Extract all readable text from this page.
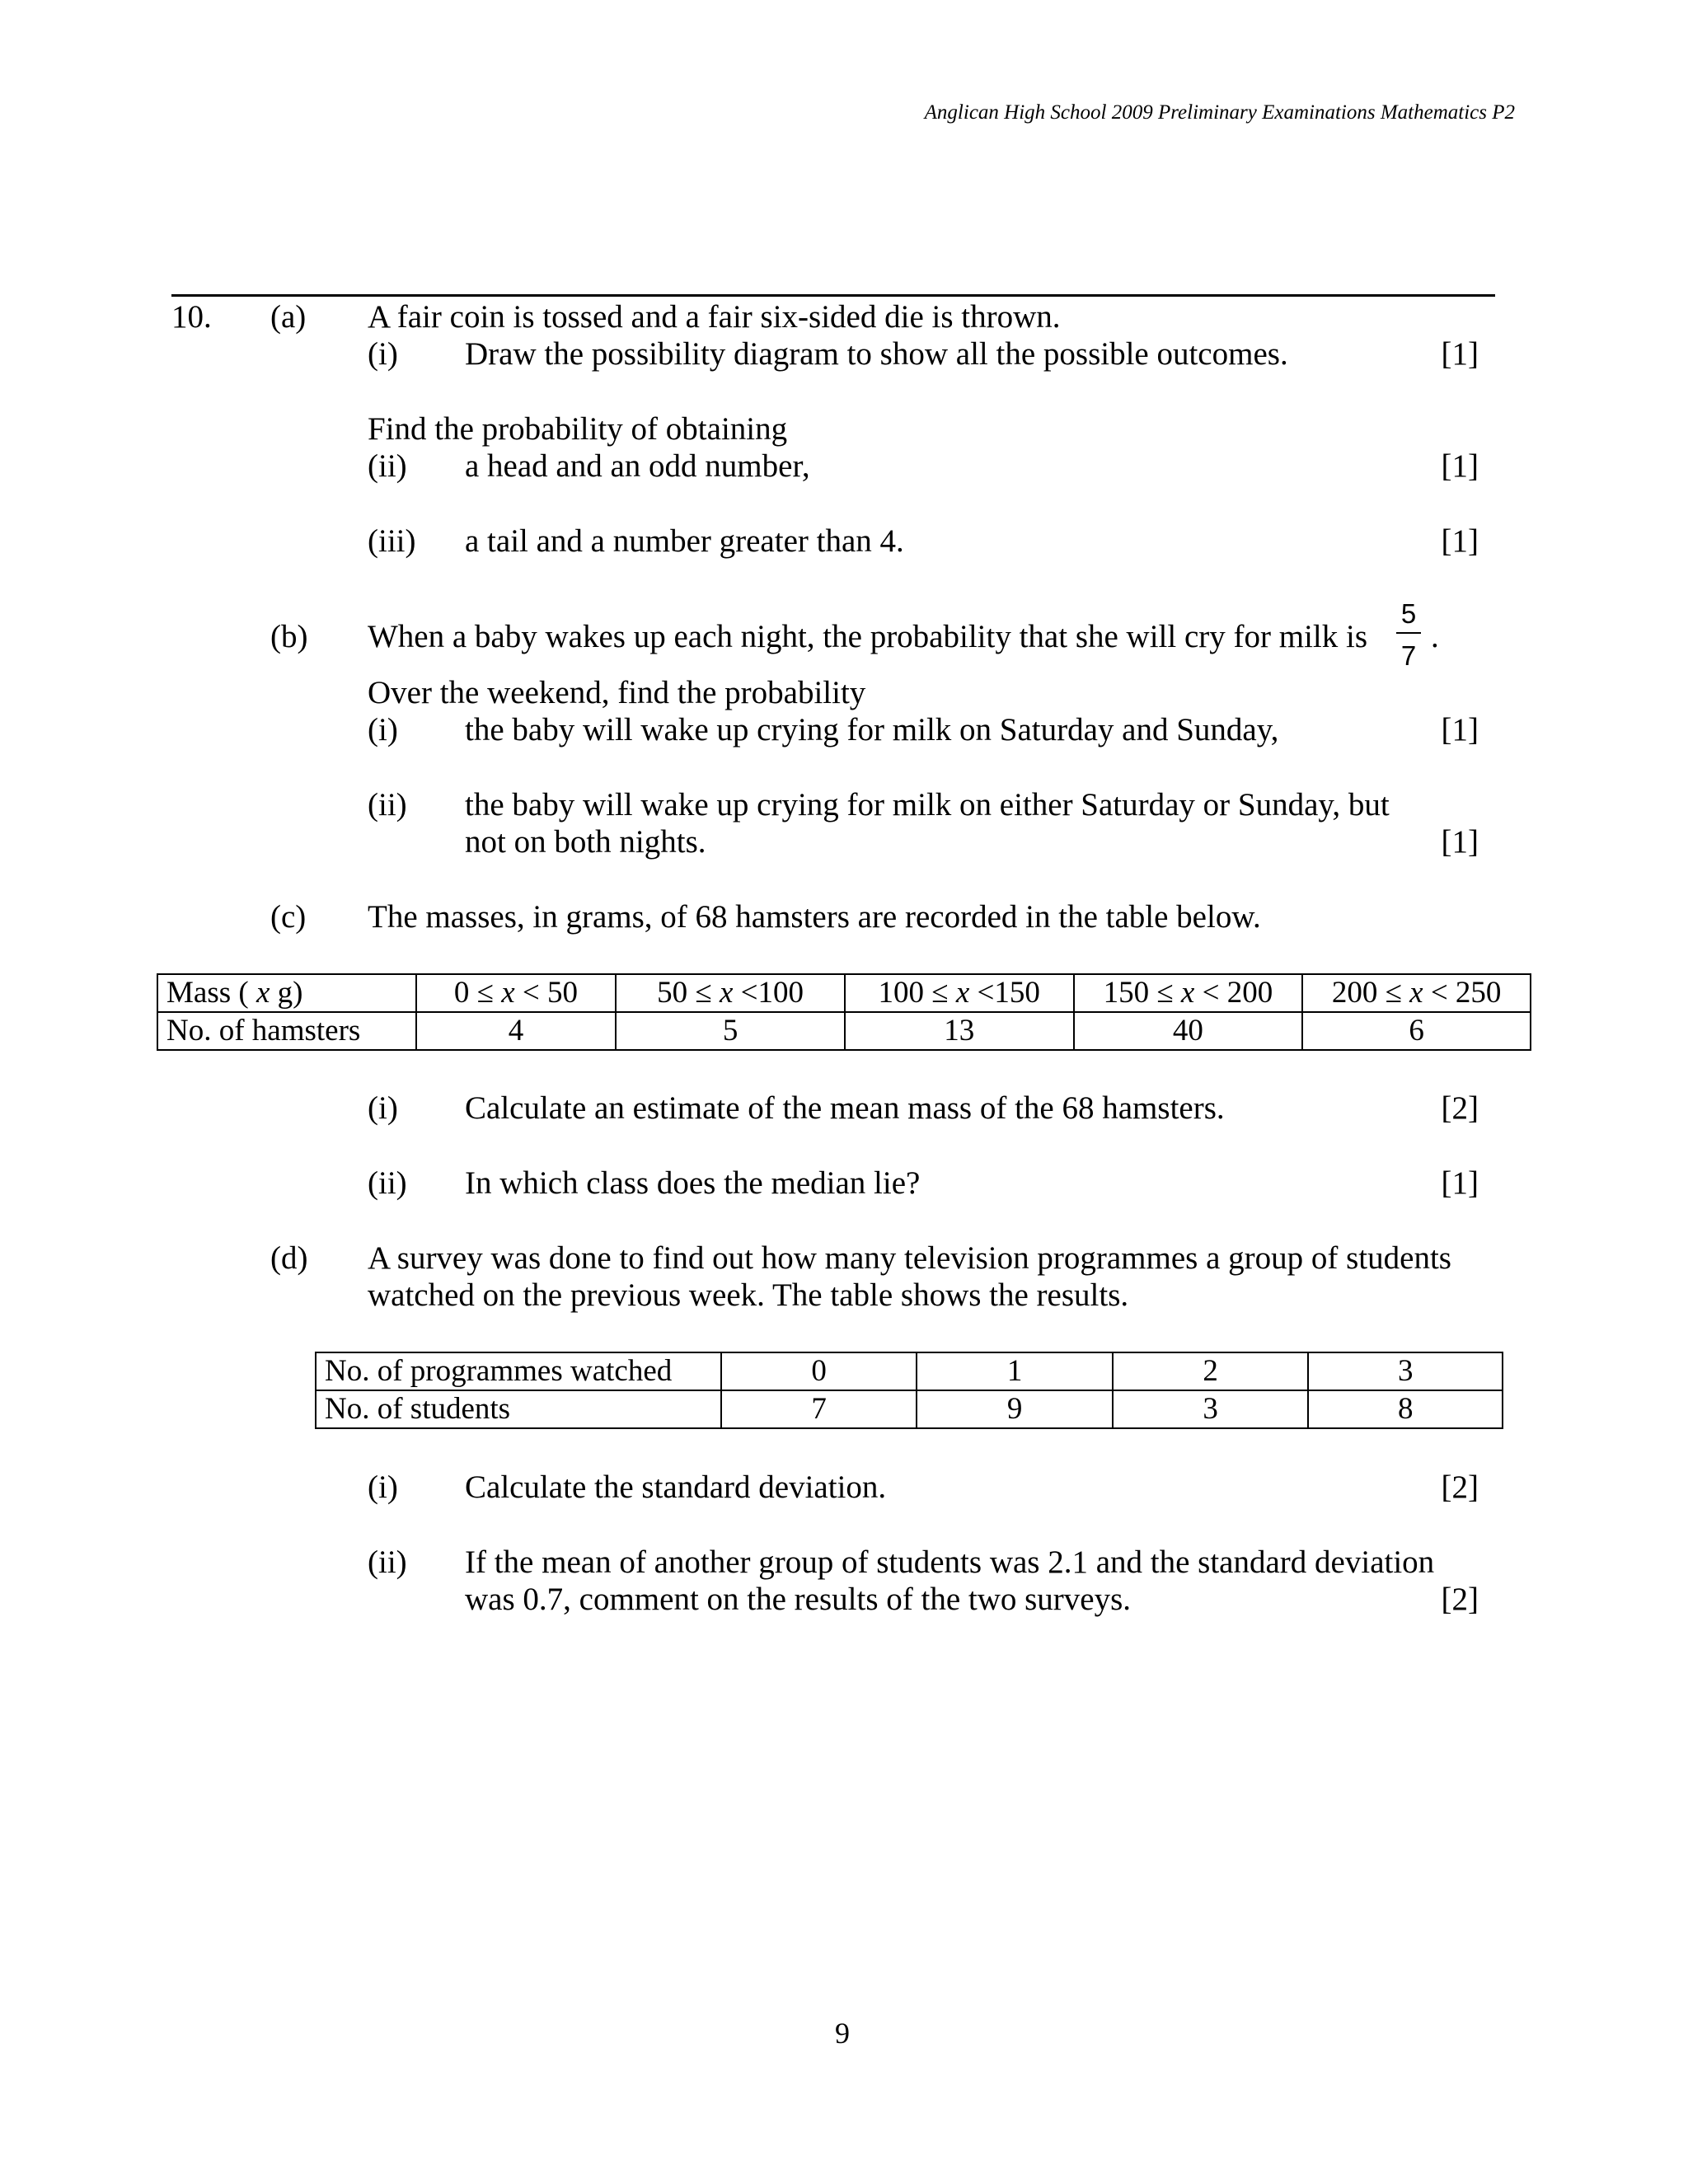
Anglican High School 2009 Preliminary Examinations Mathematics P2
10. (a) A fair coin is tossed and a fair six-sided die is thrown.
(i) Draw the possibility diagram to show all the possible outcomes.	[1]
Find the probability of obtaining
(ii) a head and an odd number,	[1]
(iii) a tail and a number greater than 4.	[1]
(b) When a baby wakes up each night, the probability that she will cry for milk is
5
7
.
Over the weekend, find the probability
(i) the baby will wake up crying for milk on Saturday and Sunday,	[1]
(ii) the baby will wake up crying for milk on either Saturday or Sunday, but
not on both nights.	[1]
(c) The masses, in grams, of 68 hamsters are recorded in the table below.
Mass ( x g)	0 ≤ x < 50	50 ≤ x <100	100 ≤ x <150	150 ≤ x < 200	200 ≤ x < 250
No. of hamsters	4	5	13	40	6
(i) Calculate an estimate of the mean mass of the 68 hamsters.	[2]
(ii) In which class does the median lie?	[1]
(d) A survey was done to find out how many television programmes a group of students
watched on the previous week. The table shows the results.
No. of programmes watched	0	1	2	3
No. of students	7	9	3	8
(i) Calculate the standard deviation.	[2]
(ii) If the mean of another group of students was 2.1 and the standard deviation
was 0.7, comment on the results of the two surveys.	[2]
9
